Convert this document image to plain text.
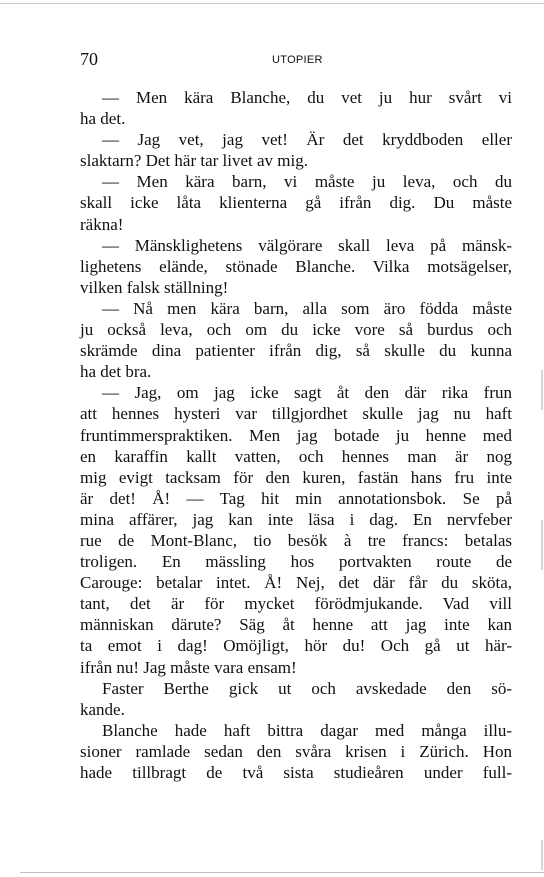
70	UTOPIER
— Men kära Blanche, du vet ju hur svårt vi
ha det.
— Jag vet, jag vet! Är det kryddboden eller
slaktarn? Det här tar livet av mig.
— Men kära barn, vi måste ju leva, och du
skall icke låta klienterna gå ifrån dig. Du måste
räkna!
— Mänsklighetens välgörare skall leva på mänsk-
lighetens elände, stönade Blanche. Vilka motsägelser,
vilken falsk ställning!
— Nå men kära barn, alla som äro födda måste
ju också leva, och om du icke vore så burdus och
skrämde dina patienter ifrån dig, så skulle du kunna
ha det bra.
— Jag, om jag icke sagt åt den där rika frun
att hennes hysteri var tillgjordhet skulle jag nu haft
fruntimmerspraktiken. Men jag botade ju henne med
en karaffin kallt vatten, och hennes man är nog
mig evigt tacksam för den kuren, fastän hans fru inte
är det! Å! — Tag hit min annotationsbok. Se på
mina affärer, jag kan inte läsa i dag. En nervfeber
rue de Mont-Blanc, tio besök à tre francs: betalas
troligen. En mässling hos portvakten route de
Carouge: betalar intet. Å! Nej, det där får du sköta,
tant, det är för mycket förödmjukande. Vad vill
människan därute? Säg åt henne att jag inte kan
ta emot i dag! Omöjligt, hör du! Och gå ut här-
ifrån nu! Jag måste vara ensam!
Faster Berthe gick ut och avskedade den sö-
kande.
Blanche hade haft bittra dagar med många illu-
sioner ramlade sedan den svåra krisen i Zürich. Hon
hade tillbragt de två sista studieåren under full-
